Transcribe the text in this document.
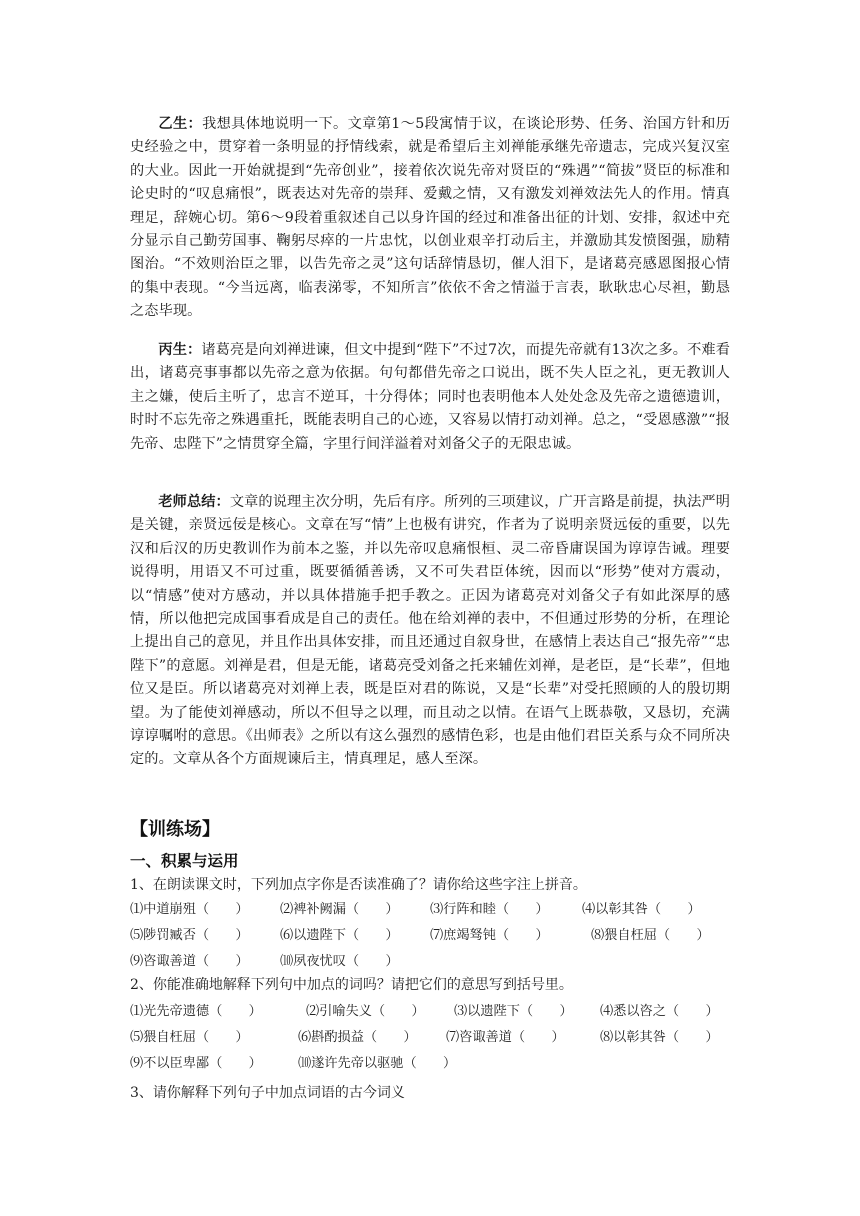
乙生：我想具体地说明一下。文章第1～5段寓情于议，在谈论形势、任务、治国方针和历史经验之中，贯穿着一条明显的抒情线索，就是希望后主刘禅能承继先帝遗志，完成兴复汉室的大业。因此一开始就提到“先帝创业”，接着依次说先帝对贤臣的“殊遇”“简拔”贤臣的标准和论史时的“叹息痛恨”，既表达对先帝的崇拜、爱戴之情，又有激发刘禅效法先人的作用。情真理足，辞婉心切。第6～9段着重叙述自己以身许国的经过和准备出征的计划、安排，叙述中充分显示自己勤劳国事、鞠躬尽瘁的一片忠忱，以创业艰辛打动后主，并激励其发愤图强，励精图治。“不效则治臣之罪，以告先帝之灵”这句话辞情恳切，催人泪下，是诸葛亮感恩图报心情的集中表现。“今当远离，临表涕零，不知所言”依依不舍之情溢于言表，耿耿忠心尽袒，勤恳之态毕现。

丙生：诸葛亮是向刘禅进谏，但文中提到“陛下”不过7次，而提先帝就有13次之多。不难看出，诸葛亮事事都以先帝之意为依据。句句都借先帝之口说出，既不失人臣之礼，更无教训人主之嫌，使后主听了，忠言不逆耳，十分得体；同时也表明他本人处处念及先帝之遗德遗训，时时不忘先帝之殊遇重托，既能表明自己的心迹，又容易以情打动刘禅。总之，“受恩感激”“报先帝、忠陛下”之情贯穿全篇，字里行间洋溢着对刘备父子的无限忠诚。

老师总结：文章的说理主次分明，先后有序。所列的三项建议，广开言路是前提，执法严明是关键，亲贤远佞是核心。文章在写“情”上也极有讲究，作者为了说明亲贤远佞的重要，以先汉和后汉的历史教训作为前本之鉴，并以先帝叹息痛恨桓、灵二帝昏庸误国为谆谆告诫。理要说得明，用语又不可过重，既要循循善诱，又不可失君臣体统，因而以“形势”使对方震动，以“情感”使对方感动，并以具体措施手把手教之。正因为诸葛亮对刘备父子有如此深厚的感情，所以他把完成国事看成是自己的责任。他在给刘禅的表中，不但通过形势的分析，在理论上提出自己的意见，并且作出具体安排，而且还通过自叙身世，在感情上表达自己“报先帝”“忠陛下”的意愿。刘禅是君，但是无能，诸葛亮受刘备之托来辅佐刘禅，是老臣，是“长辈”，但地位又是臣。所以诸葛亮对刘禅上表，既是臣对君的陈说，又是“长辈”对受托照顾的人的殷切期望。为了能使刘禅感动，所以不但导之以理，而且动之以情。在语气上既恭敬，又恳切，充满谆谆嘱咐的意思。《出师表》之所以有这么强烈的感情色彩，也是由他们君臣关系与众不同所决定的。文章从各个方面规谏后主，情真理足，感人至深。

【训练场】
一、积累与运用
1、在朗读课文时，下列加点字你是否读准确了？请你给这些字注上拼音。
⑴中道崩殂（　　） ⑵裨补阙漏（　　） ⑶行阵和睦（　　）	⑷以彰其咎（　　）
⑸陟罚臧否（　　） ⑹以遗陛下（　　） ⑺庶竭驽钝（　　）	⑻猥自枉屈（　　）
⑼咨诹善道（　　） ⑽夙夜忧叹（　　）
2、你能准确地解释下列句中加点的词吗？请把它们的意思写到括号里。
⑴光先帝遗德（　　）	⑵引喻失义（　　） ⑶以遗陛下（　　） ⑷悉以咨之（　　）
⑸猥自枉屈（　　）	⑹斟酌损益（　　） ⑺咨诹善道（　　）	⑻以彰其咎（　　）
⑼不以臣卑鄙（　　）	⑽遂许先帝以驱驰（　　）
3、请你解释下列句子中加点词语的古今词义
